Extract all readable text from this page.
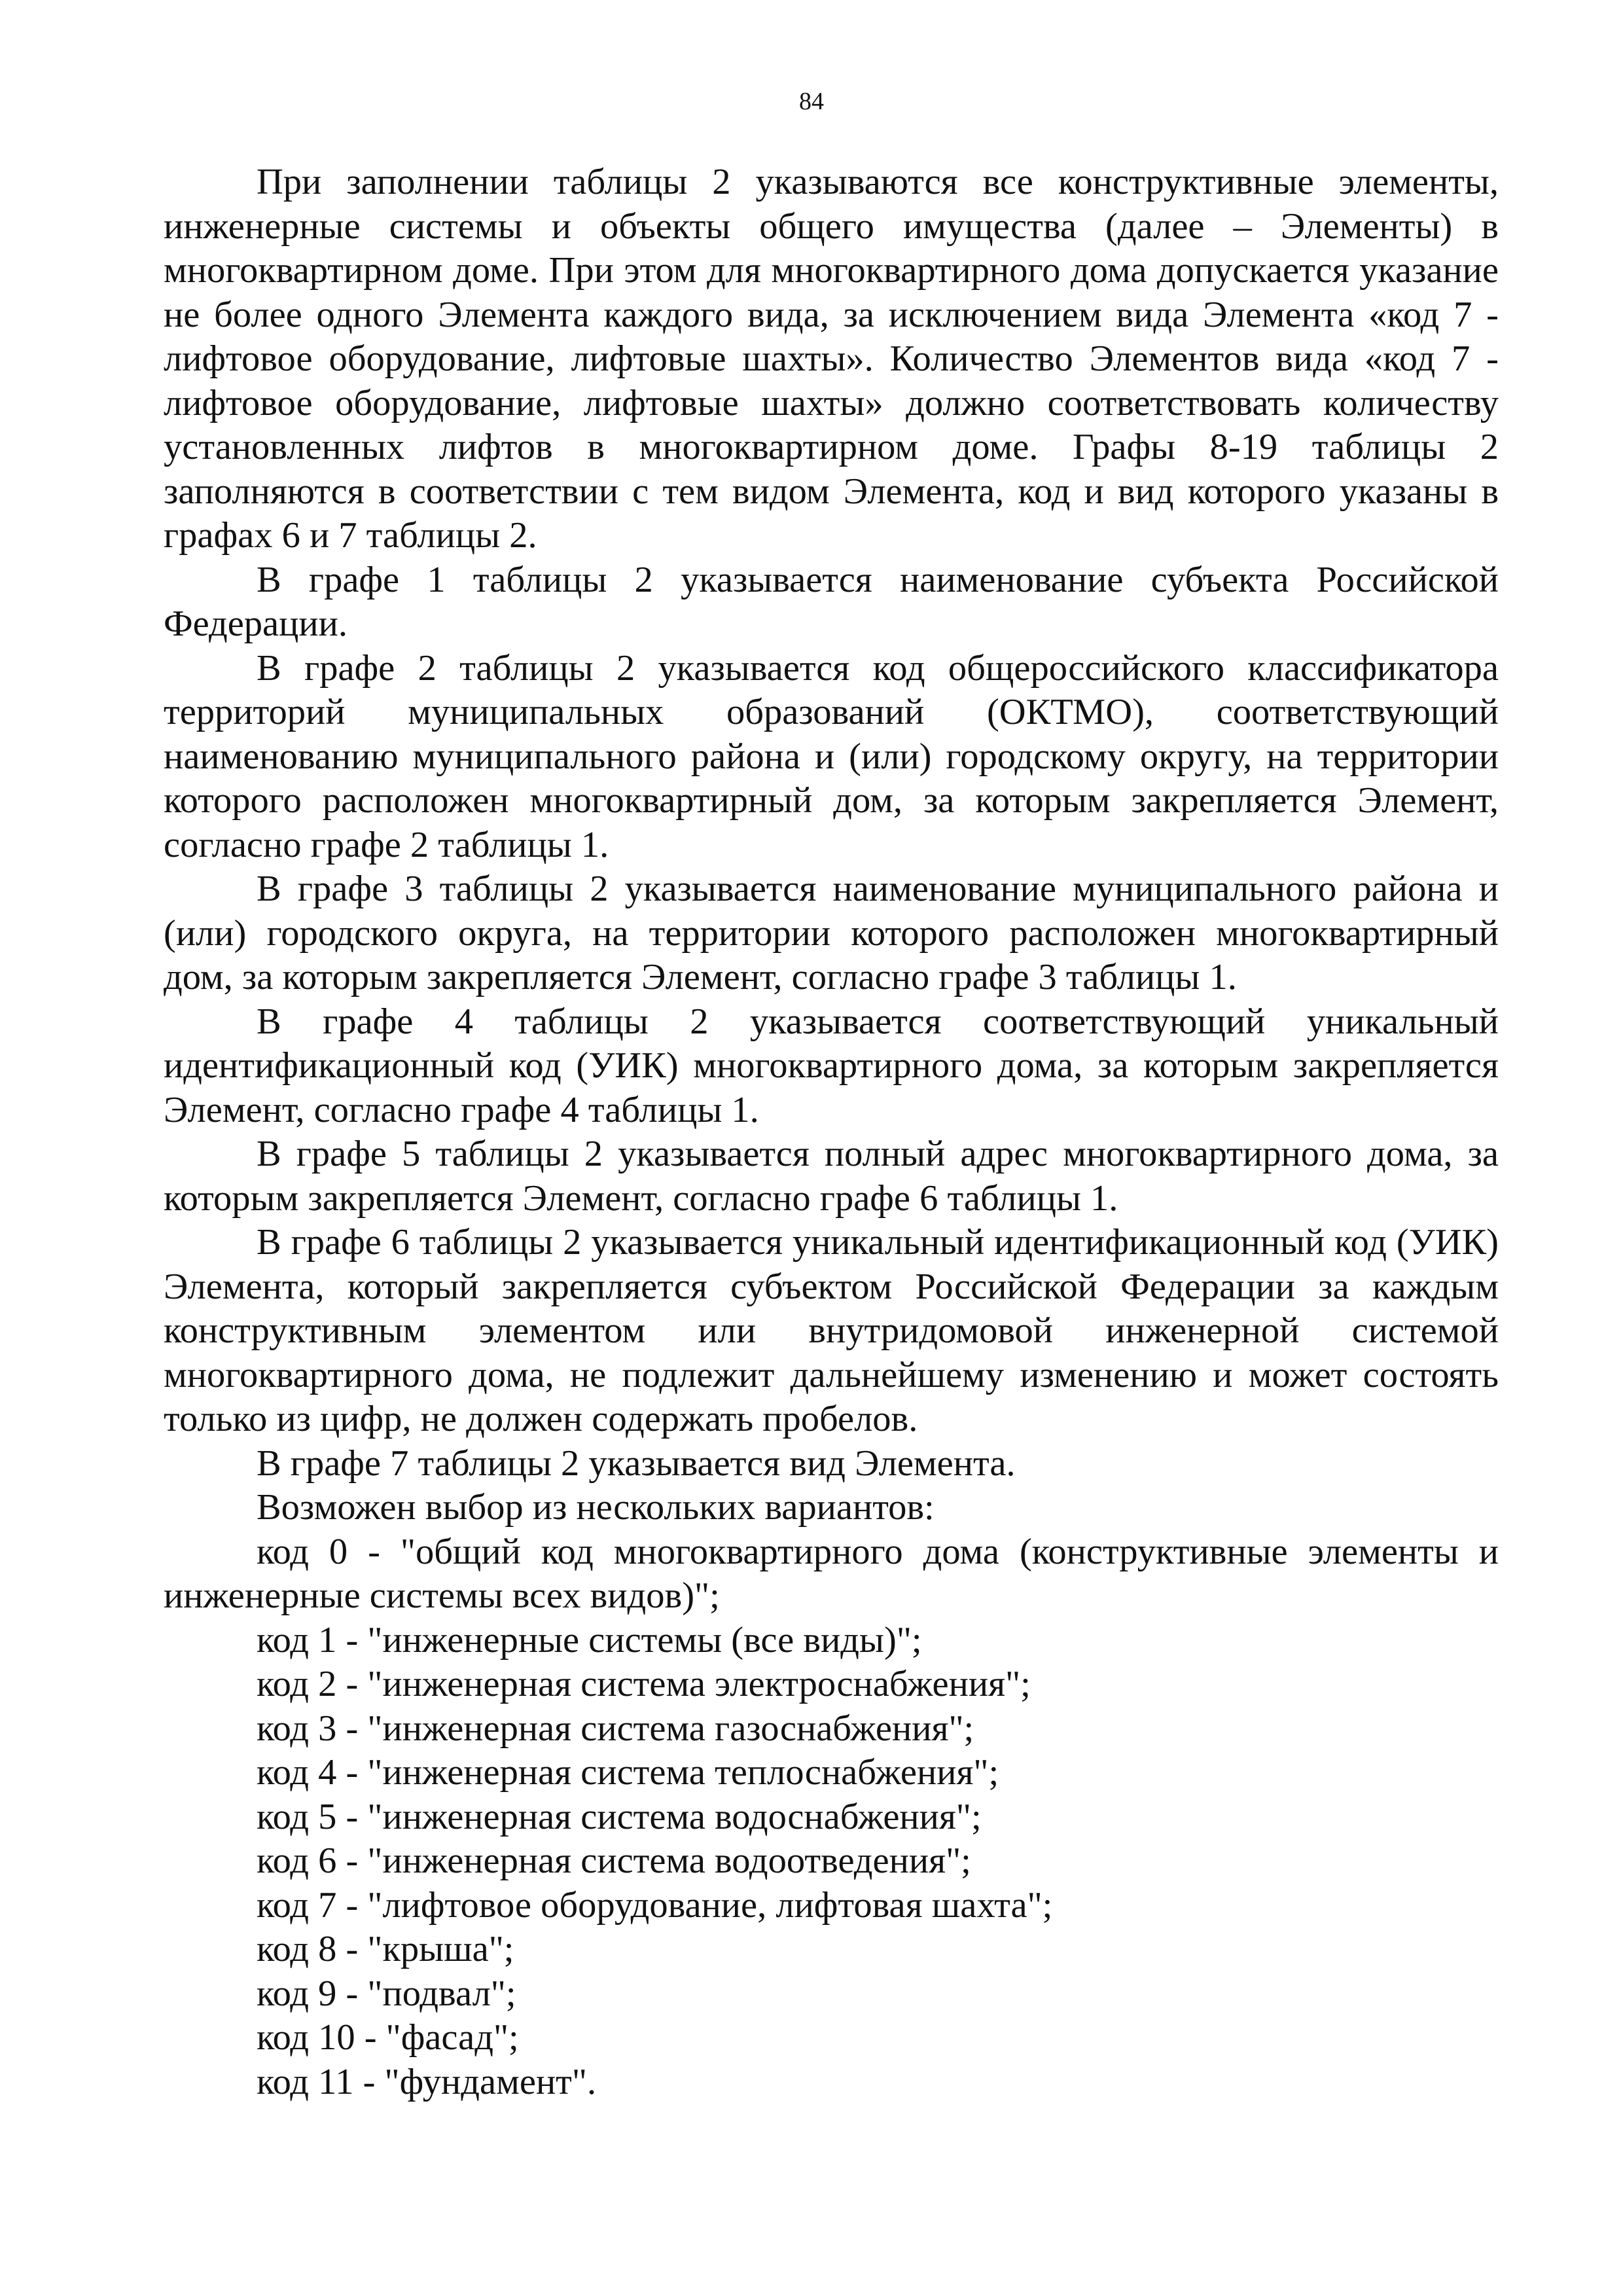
84

При заполнении таблицы 2 указываются все конструктивные элементы, инженерные системы и объекты общего имущества (далее – Элементы) в многоквартирном доме. При этом для многоквартирного дома допускается указание не более одного Элемента каждого вида, за исключением вида Элемента «код 7 - лифтовое оборудование, лифтовые шахты». Количество Элементов вида «код 7 - лифтовое оборудование, лифтовые шахты» должно соответствовать количеству установленных лифтов в многоквартирном доме. Графы 8-19 таблицы 2 заполняются в соответствии с тем видом Элемента, код и вид которого указаны в графах 6 и 7 таблицы 2.

В графе 1 таблицы 2 указывается наименование субъекта Российской Федерации.

В графе 2 таблицы 2 указывается код общероссийского классификатора территорий муниципальных образований (ОКТМО), соответствующий наименованию муниципального района и (или) городскому округу, на территории которого расположен многоквартирный дом, за которым закрепляется Элемент, согласно графе 2 таблицы 1.

В графе 3 таблицы 2 указывается наименование муниципального района и (или) городского округа, на территории которого расположен многоквартирный дом, за которым закрепляется Элемент, согласно графе 3 таблицы 1.

В графе 4 таблицы 2 указывается соответствующий уникальный идентификационный код (УИК) многоквартирного дома, за которым закрепляется Элемент, согласно графе 4 таблицы 1.

В графе 5 таблицы 2 указывается полный адрес многоквартирного дома, за которым закрепляется Элемент, согласно графе 6 таблицы 1.

В графе 6 таблицы 2 указывается уникальный идентификационный код (УИК) Элемента, который закрепляется субъектом Российской Федерации за каждым конструктивным элементом или внутридомовой инженерной системой многоквартирного дома, не подлежит дальнейшему изменению и может состоять только из цифр, не должен содержать пробелов.

В графе 7 таблицы 2 указывается вид Элемента.

Возможен выбор из нескольких вариантов:

код 0 - "общий код многоквартирного дома (конструктивные элементы и инженерные системы всех видов)";

код 1 - "инженерные системы (все виды)";

код 2 - "инженерная система электроснабжения";

код 3 - "инженерная система газоснабжения";

код 4 - "инженерная система теплоснабжения";

код 5 - "инженерная система водоснабжения";

код 6 - "инженерная система водоотведения";

код 7 - "лифтовое оборудование, лифтовая шахта";

код 8 - "крыша";

код 9 - "подвал";

код 10 - "фасад";

код 11 - "фундамент".
